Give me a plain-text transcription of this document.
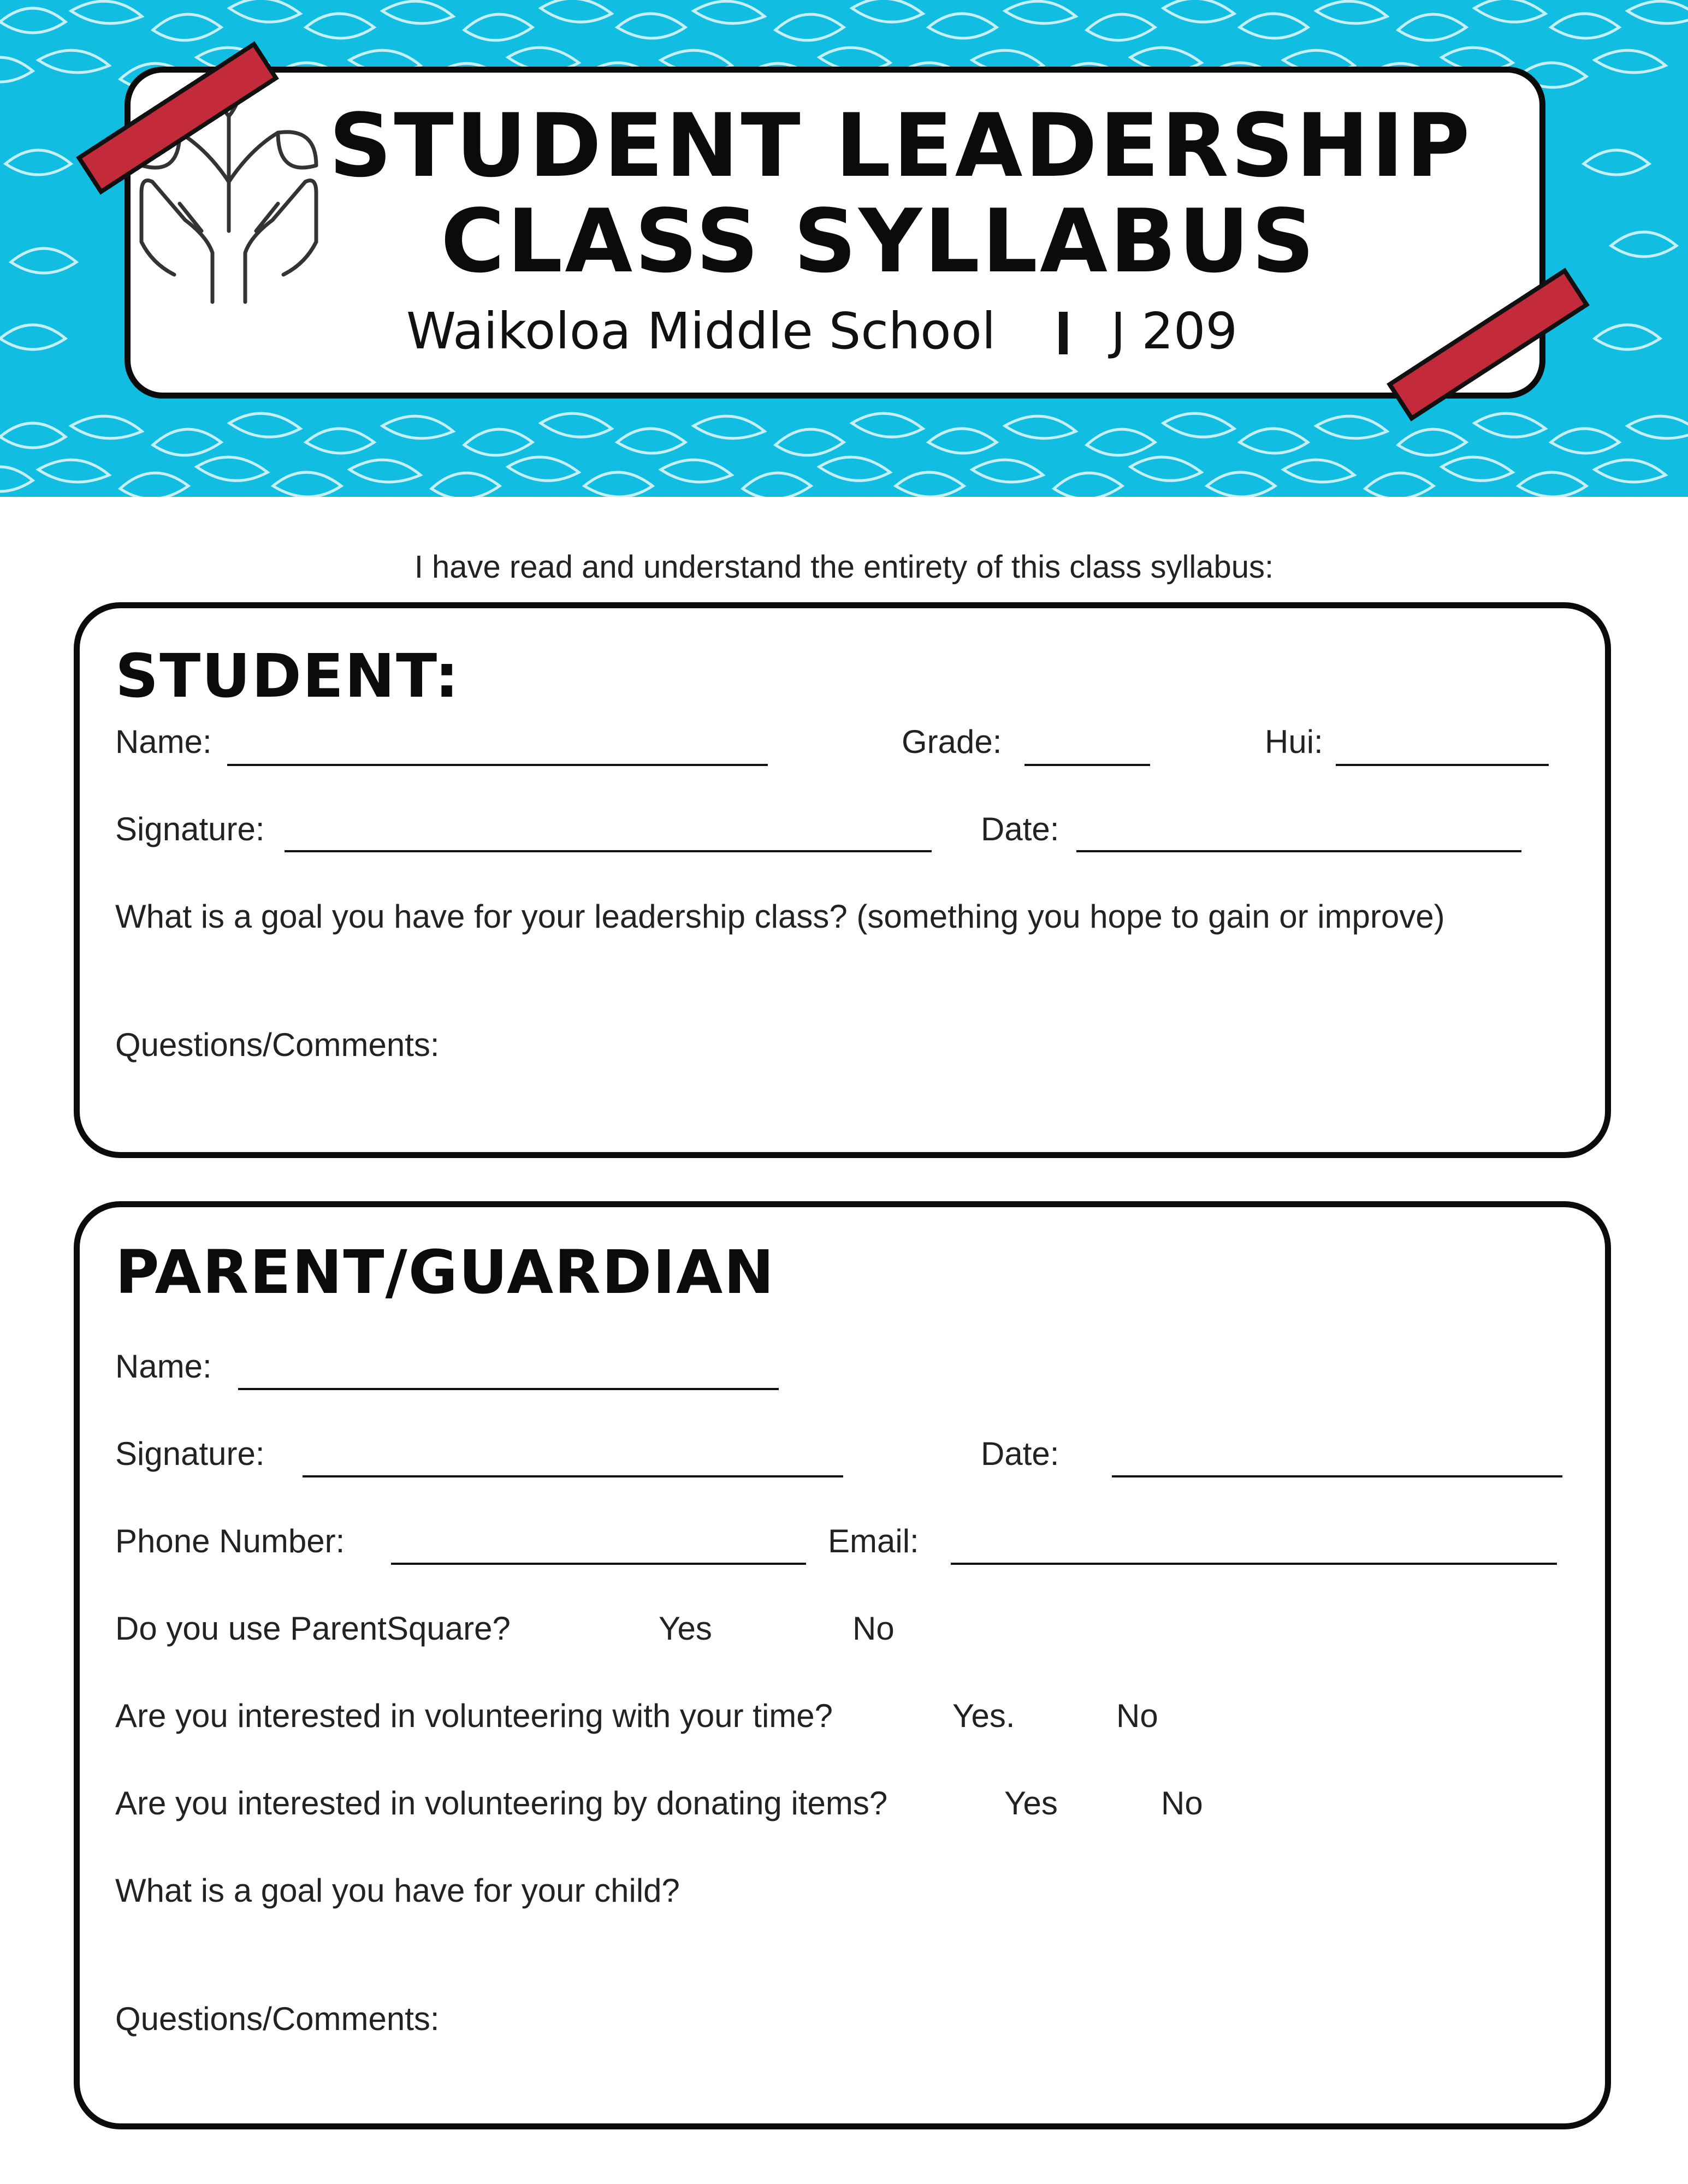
STUDENT LEADERSHIP
CLASS SYLLABUS
Waikoloa Middle School J 209
I have read and understand the entirety of this class syllabus:
STUDENT:
Name:	Grade:	Hui:
Signature:	Date:
What is a goal you have for your leadership class? (something you hope to gain or improve)
Questions/Comments:
PARENT/GUARDIAN
Name:
Signature:	Date:
Phone Number:	Email:
Do you use ParentSquare?	Yes	No
Are you interested in volunteering with your time?	Yes.	No
Are you interested in volunteering by donating items?	Yes	No
What is a goal you have for your child?
Questions/Comments:
